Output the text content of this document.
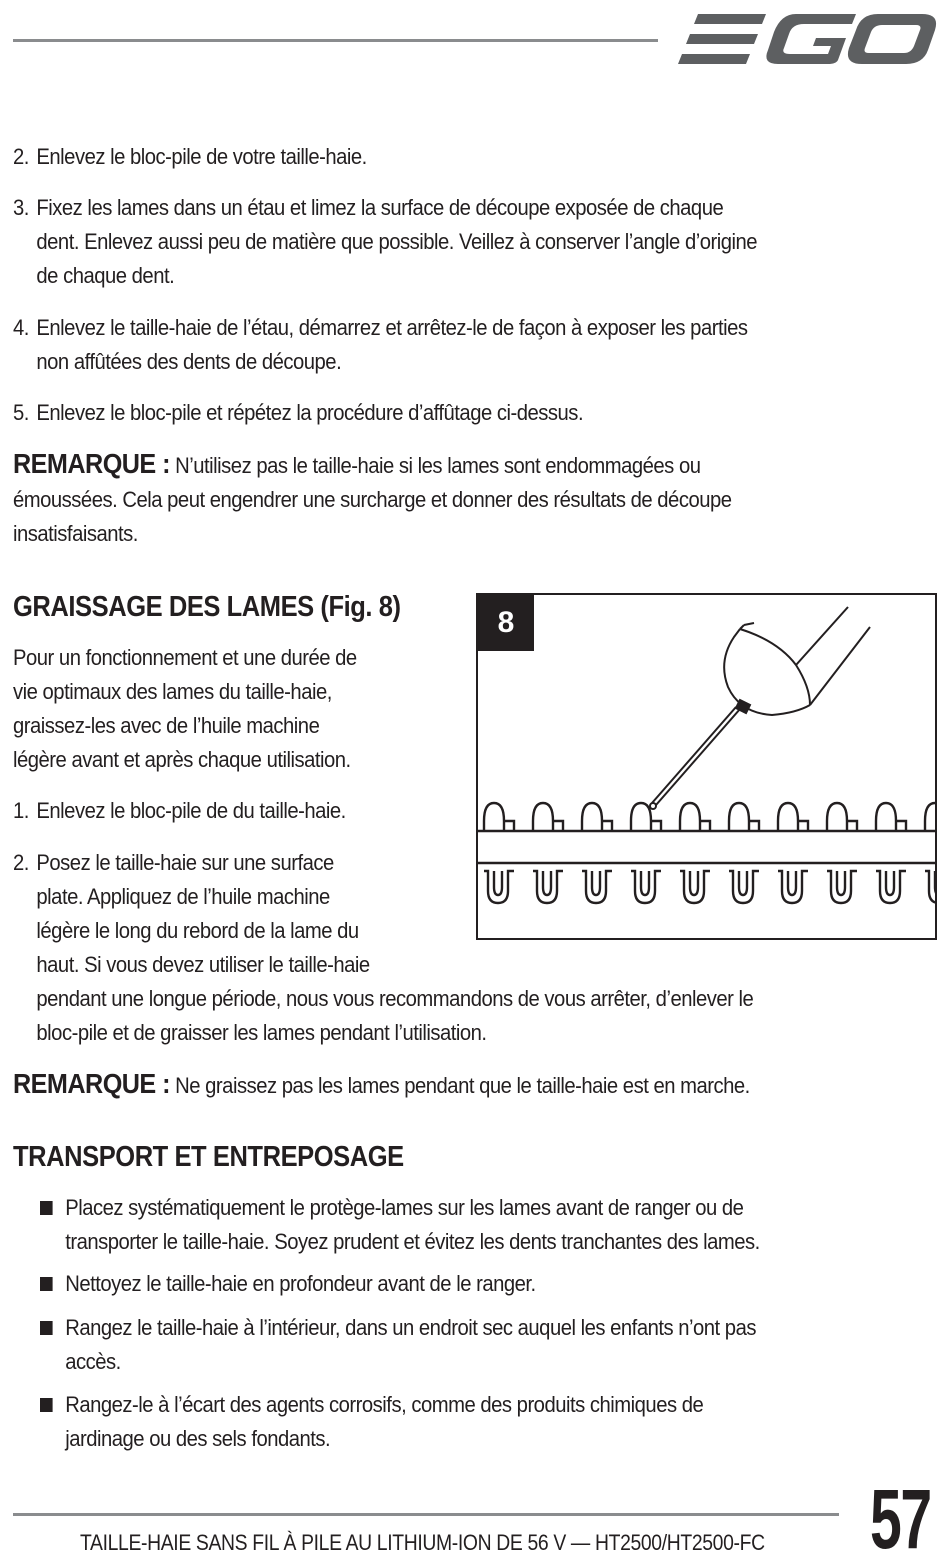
2. Enlevez le bloc-pile de votre taille-haie.
3. Fixez les lames dans un étau et limez la surface de découpe exposée de chaque
dent. Enlevez aussi peu de matière que possible. Veillez à conserver l’angle d’origine
de chaque dent.
4. Enlevez le taille-haie de l’étau, démarrez et arrêtez-le de façon à exposer les parties
non affûtées des dents de découpe.
5. Enlevez le bloc-pile et répétez la procédure d’affûtage ci-dessus.
REMARQUE : N’utilisez pas le taille-haie si les lames sont endommagées ou
émoussées. Cela peut engendrer une surcharge et donner des résultats de découpe
insatisfaisants.
GRAISSAGE DES LAMES (Fig. 8)
Pour un fonctionnement et une durée de
vie optimaux des lames du taille-haie,
graissez-les avec de l’huile machine
légère avant et après chaque utilisation.
1. Enlevez le bloc-pile de du taille-haie.
2. Posez le taille-haie sur une surface
plate. Appliquez de l’huile machine
légère le long du rebord de la lame du
haut. Si vous devez utiliser le taille-haie
pendant une longue période, nous vous recommandons de vous arrêter, d’enlever le
bloc-pile et de graisser les lames pendant l’utilisation.
8
REMARQUE : Ne graissez pas les lames pendant que le taille-haie est en marche.
TRANSPORT ET ENTREPOSAGE
Placez systématiquement le protège-lames sur les lames avant de ranger ou de
transporter le taille-haie. Soyez prudent et évitez les dents tranchantes des lames.
Nettoyez le taille-haie en profondeur avant de le ranger.
Rangez le taille-haie à l’intérieur, dans un endroit sec auquel les enfants n’ont pas
accès.
Rangez-le à l’écart des agents corrosifs, comme des produits chimiques de
jardinage ou des sels fondants.
TAILLE-HAIE SANS FIL À PILE AU LITHIUM-ION DE 56 V — HT2500/HT2500-FC 57
